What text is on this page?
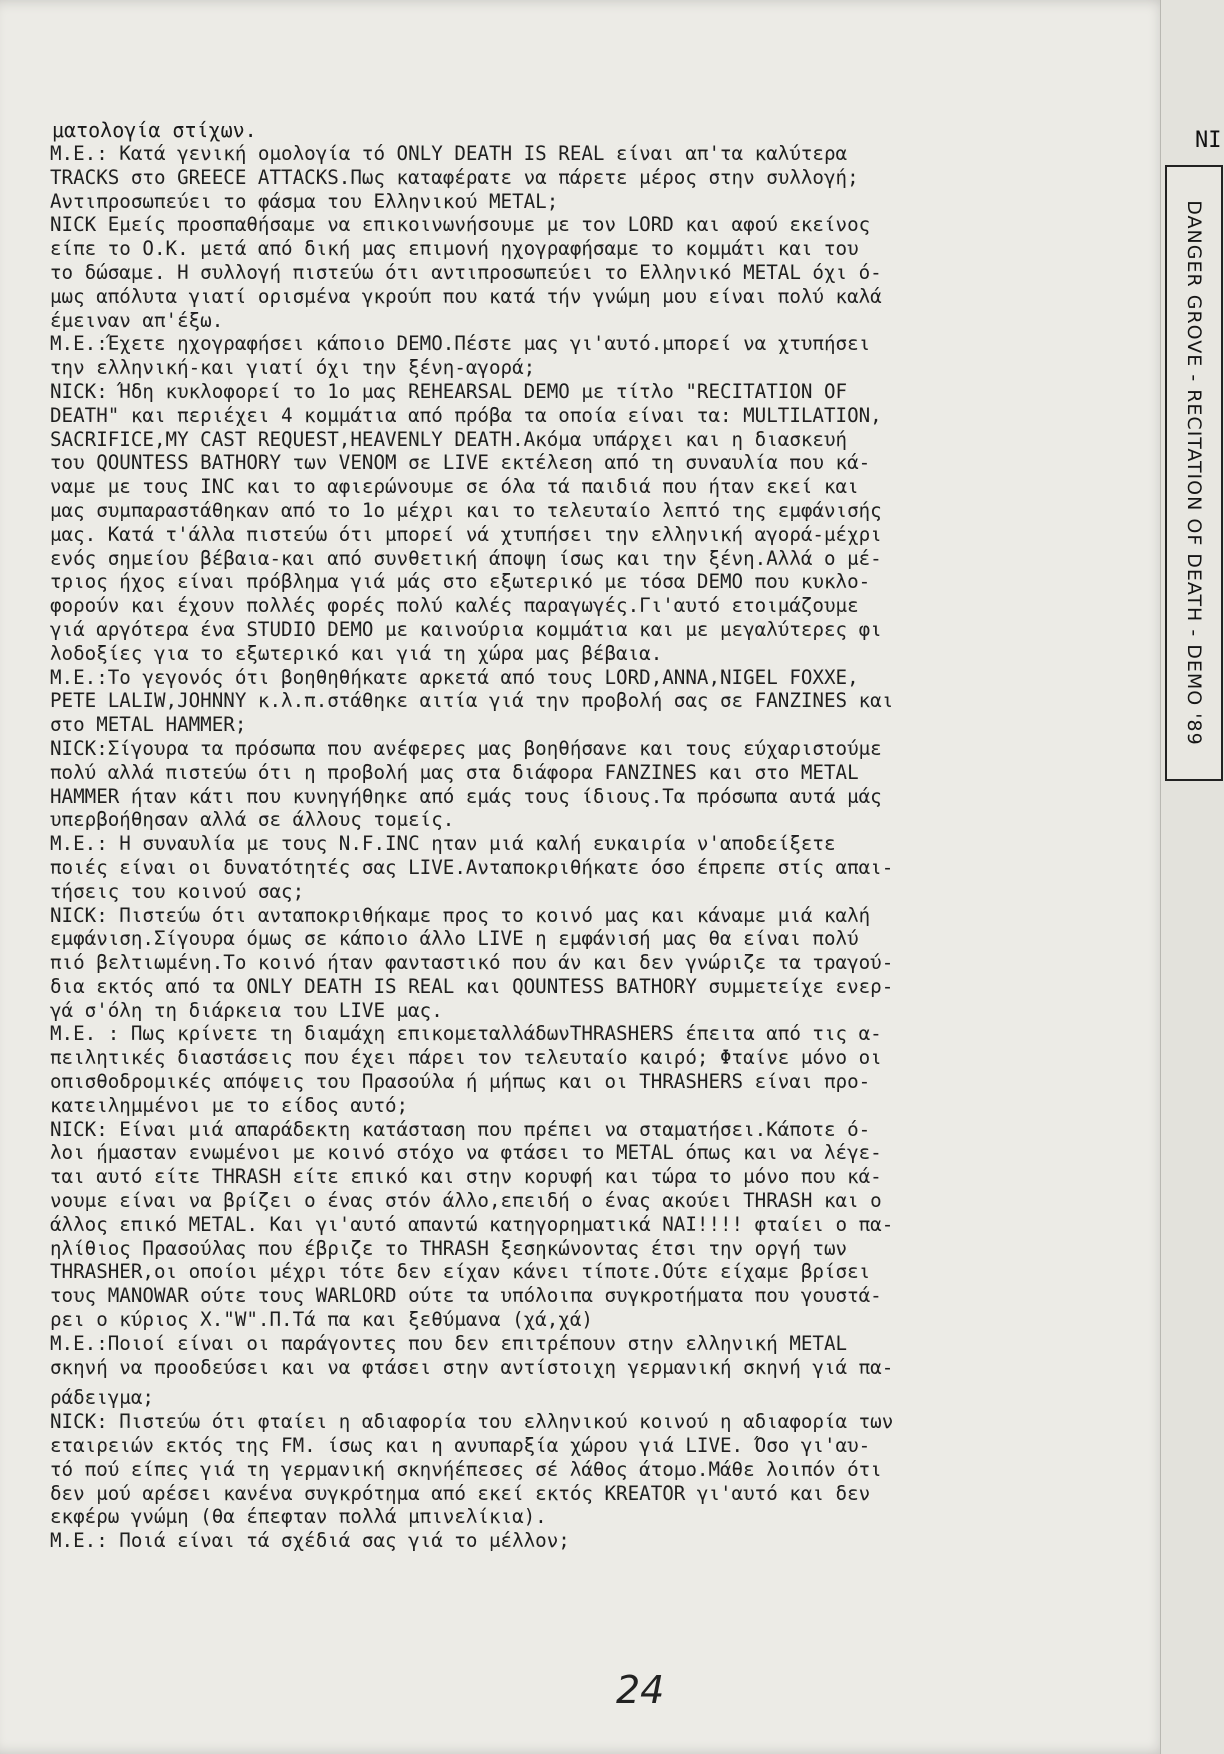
ματολογία στίχων.
M.E.: Κατά γενική ομολογία τό ONLY DEATH IS REAL είναι απ'τα καλύτερα
TRACKS στο GREECE ATTACKS.Πως καταφέρατε να πάρετε μέρος στην συλλογή;
Αντιπροσωπεύει το φάσμα του Ελληνικού METAL;
NICK Εμείς προσπαθήσαμε να επικοινωνήσουμε με τον LORD και αφού εκείνος
είπε το O.K. μετά από δική μας επιμονή ηχογραφήσαμε το κομμάτι και του
το δώσαμε. Η συλλογή πιστεύω ότι αντιπροσωπεύει το Ελληνικό METAL όχι ό-
μως απόλυτα γιατί ορισμένα γκρούπ που κατά τήν γνώμη μου είναι πολύ καλά
έμειναν απ'έξω.
M.E.:Έχετε ηχογραφήσει κάποιο DEMO.Πέστε μας γι'αυτό.μπορεί να χτυπήσει
την ελληνική-και γιατί όχι την ξένη-αγορά;
NICK: Ήδη κυκλοφορεί το 1ο μας REHEARSAL DEMO με τίτλο "RECITATION OF
DEATH" και περιέχει 4 κομμάτια από πρόβα τα οποία είναι τα: MULTILATION,
SACRIFICE,MY CAST REQUEST,HEAVENLY DEATH.Ακόμα υπάρχει και η διασκευή
του QOUNTESS BATHORY των VENOM σε LIVE εκτέλεση από τη συναυλία που κά-
ναμε με τους INC και το αφιερώνουμε σε όλα τά παιδιά που ήταν εκεί και
μας συμπαραστάθηκαν από το 1ο μέχρι και το τελευταίο λεπτό της εμφάνισής
μας. Κατά τ'άλλα πιστεύω ότι μπορεί νά χτυπήσει την ελληνική αγορά-μέχρι
ενός σημείου βέβαια-και από συνθετική άποψη ίσως και την ξένη.Αλλά ο μέ-
τριος ήχος είναι πρόβλημα γιά μάς στο εξωτερικό με τόσα DEMO που κυκλο-
φορούν και έχουν πολλές φορές πολύ καλές παραγωγές.Γι'αυτό ετοιμάζουμε
γιά αργότερα ένα STUDIO DEMO με καινούρια κομμάτια και με μεγαλύτερες φι
λοδοξίες για το εξωτερικό και γιά τη χώρα μας βέβαια.
M.E.:Το γεγονός ότι βοηθηθήκατε αρκετά από τους LORD,ANNA,NIGEL FOXXE,
PETE LALIW,JOHNNY κ.λ.π.στάθηκε αιτία γιά την προβολή σας σε FANZINES και
στο METAL HAMMER;
NICK:Σίγουρα τα πρόσωπα που ανέφερες μας βοηθήσανε και τους εύχαριστούμε
πολύ αλλά πιστεύω ότι η προβολή μας στα διάφορα FANZINES και στο METAL
HAMMER ήταν κάτι που κυνηγήθηκε από εμάς τους ίδιους.Τα πρόσωπα αυτά μάς
υπερβοήθησαν αλλά σε άλλους τομείς.
M.E.: Η συναυλία με τους N.F.INC ηταν μιά καλή ευκαιρία ν'αποδείξετε
ποιές είναι οι δυνατότητές σας LIVE.Ανταποκριθήκατε όσο έπρεπε στίς απαι-
τήσεις του κοινού σας;
NICK: Πιστεύω ότι ανταποκριθήκαμε προς το κοινό μας και κάναμε μιά καλή
εμφάνιση.Σίγουρα όμως σε κάποιο άλλο LIVE η εμφάνισή μας θα είναι πολύ
πιό βελτιωμένη.Το κοινό ήταν φανταστικό που άν και δεν γνώριζε τα τραγού-
δια εκτός από τα ONLY DEATH IS REAL και QOUNTESS BATHORY συμμετείχε ενερ-
γά σ'όλη τη διάρκεια του LIVE μας.
M.E. : Πως κρίνετε τη διαμάχη επικομεταλλάδωνTHRASHERS έπειτα από τις α-
πειλητικές διαστάσεις που έχει πάρει τον τελευταίο καιρό; Φταίνε μόνο οι
οπισθοδρομικές απόψεις του Πρασούλα ή μήπως και οι THRASHERS είναι προ-
κατειλημμένοι με το είδος αυτό;
NICK: Είναι μιά απαράδεκτη κατάσταση που πρέπει να σταματήσει.Κάποτε ό-
λοι ήμασταν ενωμένοι με κοινό στόχο να φτάσει το METAL όπως και να λέγε-
ται αυτό είτε THRASH είτε επικό και στην κορυφή και τώρα το μόνο που κά-
νουμε είναι να βρίζει ο ένας στόν άλλο,επειδή ο ένας ακούει THRASH και ο
άλλος επικό METAL. Και γι'αυτό απαντώ κατηγορηματικά ΝΑΙ!!!! φταίει ο πα-
ηλίθιος Πρασούλας που έβριζε το THRASH ξεσηκώνοντας έτσι την οργή των
THRASHER,οι οποίοι μέχρι τότε δεν είχαν κάνει τίποτε.Ούτε είχαμε βρίσει
τους MANOWAR ούτε τους WARLORD ούτε τα υπόλοιπα συγκροτήματα που γουστά-
ρει ο κύριος Χ."W".Π.Τά πα και ξεθύμανα (χά,χά)
M.E.:Ποιοί είναι οι παράγοντες που δεν επιτρέπουν στην ελληνική METAL
σκηνή να προοδεύσει και να φτάσει στην αντίστοιχη γερμανική σκηνή γιά πα-
ράδειγμα;
NICK: Πιστεύω ότι φταίει η αδιαφορία του ελληνικού κοινού η αδιαφορία των
εταιρειών εκτός της FM. ίσως και η ανυπαρξία χώρου γιά LIVE. Όσο γι'αυ-
τό πού είπες γιά τη γερμανική σκηνήέπεσες σέ λάθος άτομο.Μάθε λοιπόν ότι
δεν μού αρέσει κανένα συγκρότημα από εκεί εκτός KREATOR γι'αυτό και δεν
εκφέρω γνώμη (θα έπεφταν πολλά μπινελίκια).
M.E.: Ποιά είναι τά σχέδιά σας γιά το μέλλον;
24
NI
DANGER GROVE - RECITATION OF DEATH - DEMO '89
